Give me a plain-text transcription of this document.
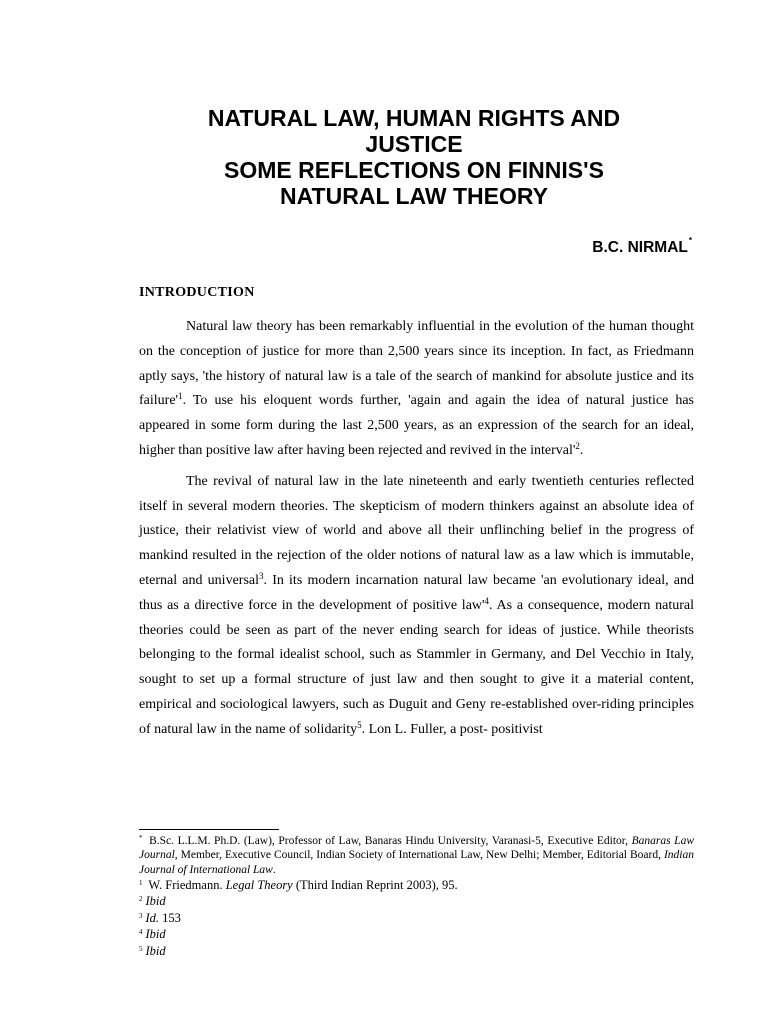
NATURAL LAW, HUMAN RIGHTS AND
JUSTICE
SOME REFLECTIONS ON FINNIS'S
NATURAL LAW THEORY
B.C. NIRMAL*
INTRODUCTION

Natural law theory has been remarkably influential in the evolution of the human thought on the conception of justice for more than 2,500 years since its inception. In fact, as Friedmann aptly says, 'the history of natural law is a tale of the search of mankind for absolute justice and its $failure'^1$. To use his eloquent words further, 'again and again the idea of natural justice has appeared in some form during the last 2,500 years, as an expression of the search for an ideal, higher than positive law after having been rejected and revived in the $interval'^2$.

The revival of natural law in the late nineteenth and early twentieth centuries reflected itself in several modern theories. The skepticism of modern thinkers against an absolute idea of justice, their relativist view of world and above all their unflinching belief in the progress of mankind resulted in the rejection of the older notions of natural law as a law which is immutable, eternal and universal$^3$. In its modern incarnation natural law became 'an evolutionary ideal, and thus as a directive force in the development of positive $law'^4$. As a consequence, modern natural theories could be seen as part of the never ending search for ideas of justice. While theorists belonging to the formal idealist school, such as Stammler in Germany, and Del Vecchio in Italy, sought to set up a formal structure of just law and then sought to give it a material content, empirical and sociological lawyers, such as Duguit and Geny re-established over-riding principles of natural law in the name of solidarity$^5$. Lon L. Fuller, a post- positivist

* B.Sc. L.L.M. Ph.D. (Law), Professor of Law, Banaras Hindu University, Varanasi-5, Executive Editor, Banaras Law Journal, Member, Executive Council, Indian Society of International Law, New Delhi; Member, Editorial Board, Indian Journal of International Law.
$^1$ W. Friedmann. Legal Theory (Third Indian Reprint 2003), 95.
$^2$ Ibid
$^3$ Id. 153
$^4$ Ibid
$^5$ Ibid
